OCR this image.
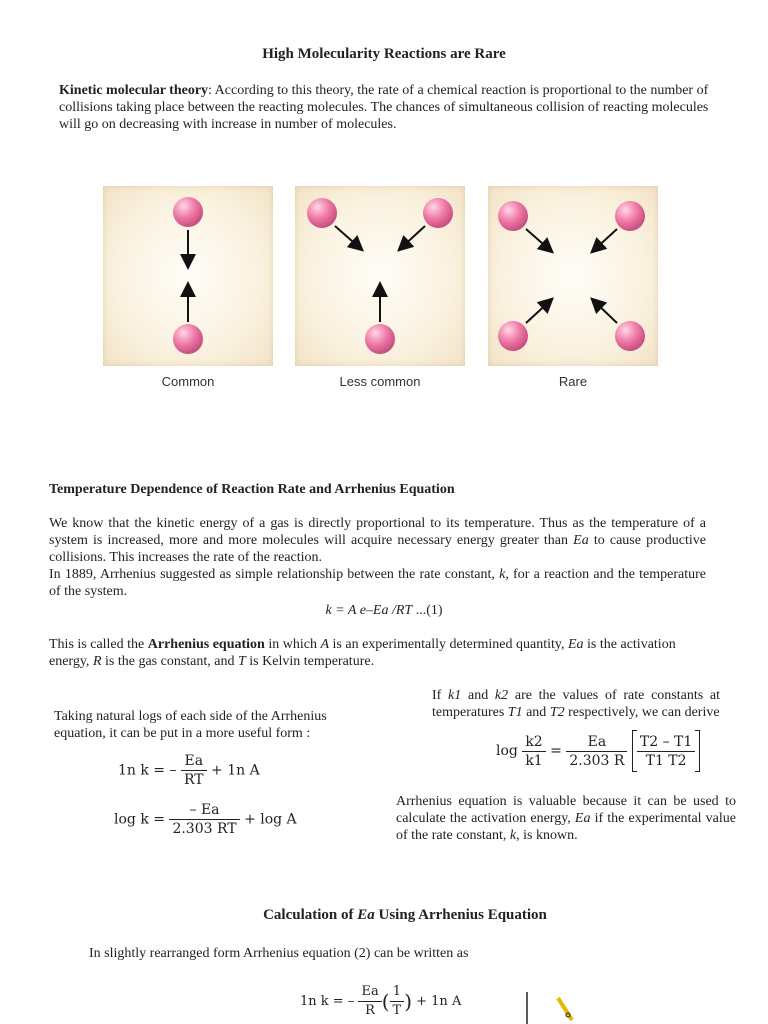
High Molecularity Reactions are Rare
Kinetic molecular theory: According to this theory, the rate of a chemical reaction is proportional to the number of collisions taking place between the reacting molecules. The chances of simultaneous collision of reacting molecules will go on decreasing with increase in number of molecules.
Common	Less common	Rare
Temperature Dependence of Reaction Rate and Arrhenius Equation
We know that the kinetic energy of a gas is directly proportional to its temperature. Thus as the temperature of a system is increased, more and more molecules will acquire necessary energy greater than Ea to cause productive collisions. This increases the rate of the reaction.
In 1889, Arrhenius suggested as simple relationship between the rate constant, k, for a reaction and the temperature of the system.
k = A e–Ea /RT ...(1)
This is called the Arrhenius equation in which A is an experimentally determined quantity, Ea is the activation energy, R is the gas constant, and T is Kelvin temperature.
Taking natural logs of each side of the Arrhenius equation, it can be put in a more useful form :
1n k = – $\frac{Ea}{RT} + 1n$ A
$\log k = \frac{- Ea}{2.303 RT} + \log A$
If k1 and k2 are the values of rate constants at temperatures T1 and T2 respectively, we can derive
$\log \frac{k2}{k1} = \frac{Ea}{2.303 R}$
$\frac{T2 - T1}{T1 T2}$
Arrhenius equation is valuable because it can be used to calculate the activation energy, Ea if the experimental value of the rate constant, k, is known.
Calculation of Ea Using Arrhenius Equation
In slightly rearranged form Arrhenius equation (2) can be written as
1n k = – $\frac{Ea}{R}$ ( $\frac{1}{T}$ ) + 1n A
